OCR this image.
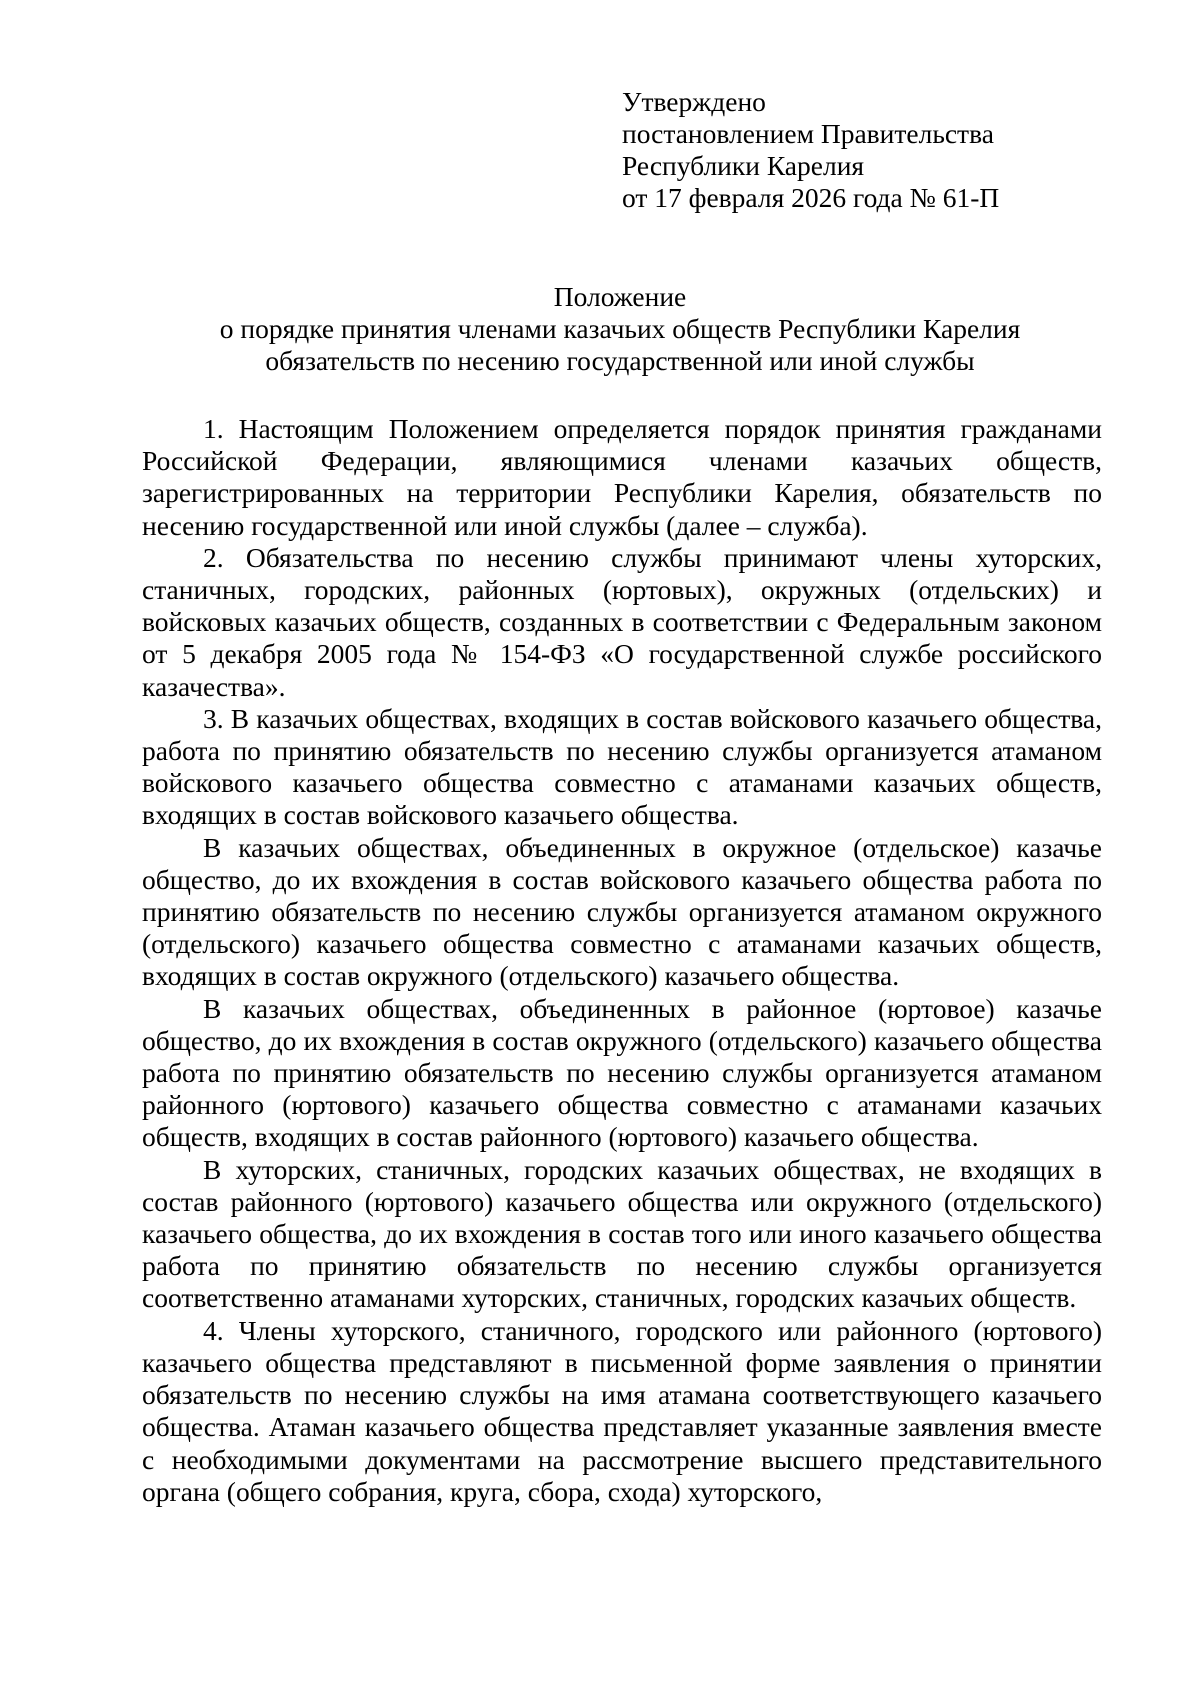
Утверждено
постановлением Правительства
Республики Карелия
от 17 февраля 2026 года № 61-П
Положение
о порядке принятия членами казачьих обществ Республики Карелия
обязательств по несению государственной или иной службы

1. Настоящим Положением определяется порядок принятия гражданами Российской Федерации, являющимися членами казачьих обществ, зарегистрированных на территории Республики Карелия, обязательств по несению государственной или иной службы (далее – служба).

2. Обязательства по несению службы принимают члены хуторских, станичных, городских, районных (юртовых), окружных (отдельских) и войсковых казачьих обществ, созданных в соответствии с Федеральным законом от 5 декабря 2005 года № 154-ФЗ «О государственной службе российского казачества».

3. В казачьих обществах, входящих в состав войскового казачьего общества, работа по принятию обязательств по несению службы организуется атаманом войскового казачьего общества совместно с атаманами казачьих обществ, входящих в состав войскового казачьего общества.

В казачьих обществах, объединенных в окружное (отдельское) казачье общество, до их вхождения в состав войскового казачьего общества работа по принятию обязательств по несению службы организуется атаманом окружного (отдельского) казачьего общества совместно с атаманами казачьих обществ, входящих в состав окружного (отдельского) казачьего общества.

В казачьих обществах, объединенных в районное (юртовое) казачье общество, до их вхождения в состав окружного (отдельского) казачьего общества работа по принятию обязательств по несению службы организуется атаманом районного (юртового) казачьего общества совместно с атаманами казачьих обществ, входящих в состав районного (юртового) казачьего общества.

В хуторских, станичных, городских казачьих обществах, не входящих в состав районного (юртового) казачьего общества или окружного (отдельского) казачьего общества, до их вхождения в состав того или иного казачьего общества работа по принятию обязательств по несению службы организуется соответственно атаманами хуторских, станичных, городских казачьих обществ.

4. Члены хуторского, станичного, городского или районного (юртового) казачьего общества представляют в письменной форме заявления о принятии обязательств по несению службы на имя атамана соответствующего казачьего общества. Атаман казачьего общества представляет указанные заявления вместе с необходимыми документами на рассмотрение высшего представительного органа (общего собрания, круга, сбора, схода) хуторского,
